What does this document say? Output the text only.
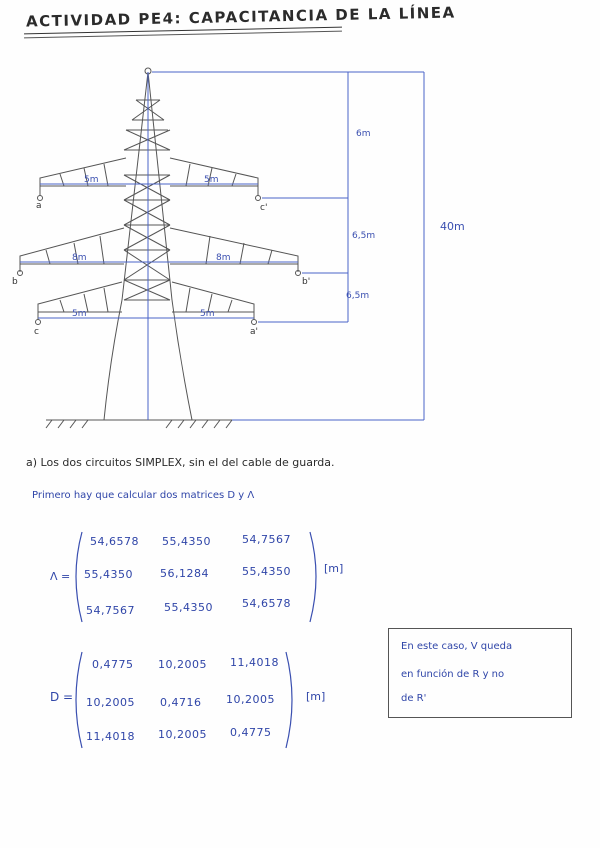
ACTIVIDAD PE4: CAPACITANCIA DE LA LÍNEA
5m	5m
8m	8m
5m	5m
6m
6,5m
6,5m
40m
a	c'
b	b'
c	a'
a) Los dos circuitos SIMPLEX, sin el del cable de guarda.
Primero hay que calcular dos matrices D y Λ
Λ =
[m]
54,6578 55,4350	54,7567
55,4350 56,1284	55,4350
54,7567	55,4350	54,6578
D =	[m]
0,4775 10,2005 11,4018
10,2005 0,4716 10,2005
11,4018 10,2005 0,4775
En este caso, V queda
en función de R y no
de R'
